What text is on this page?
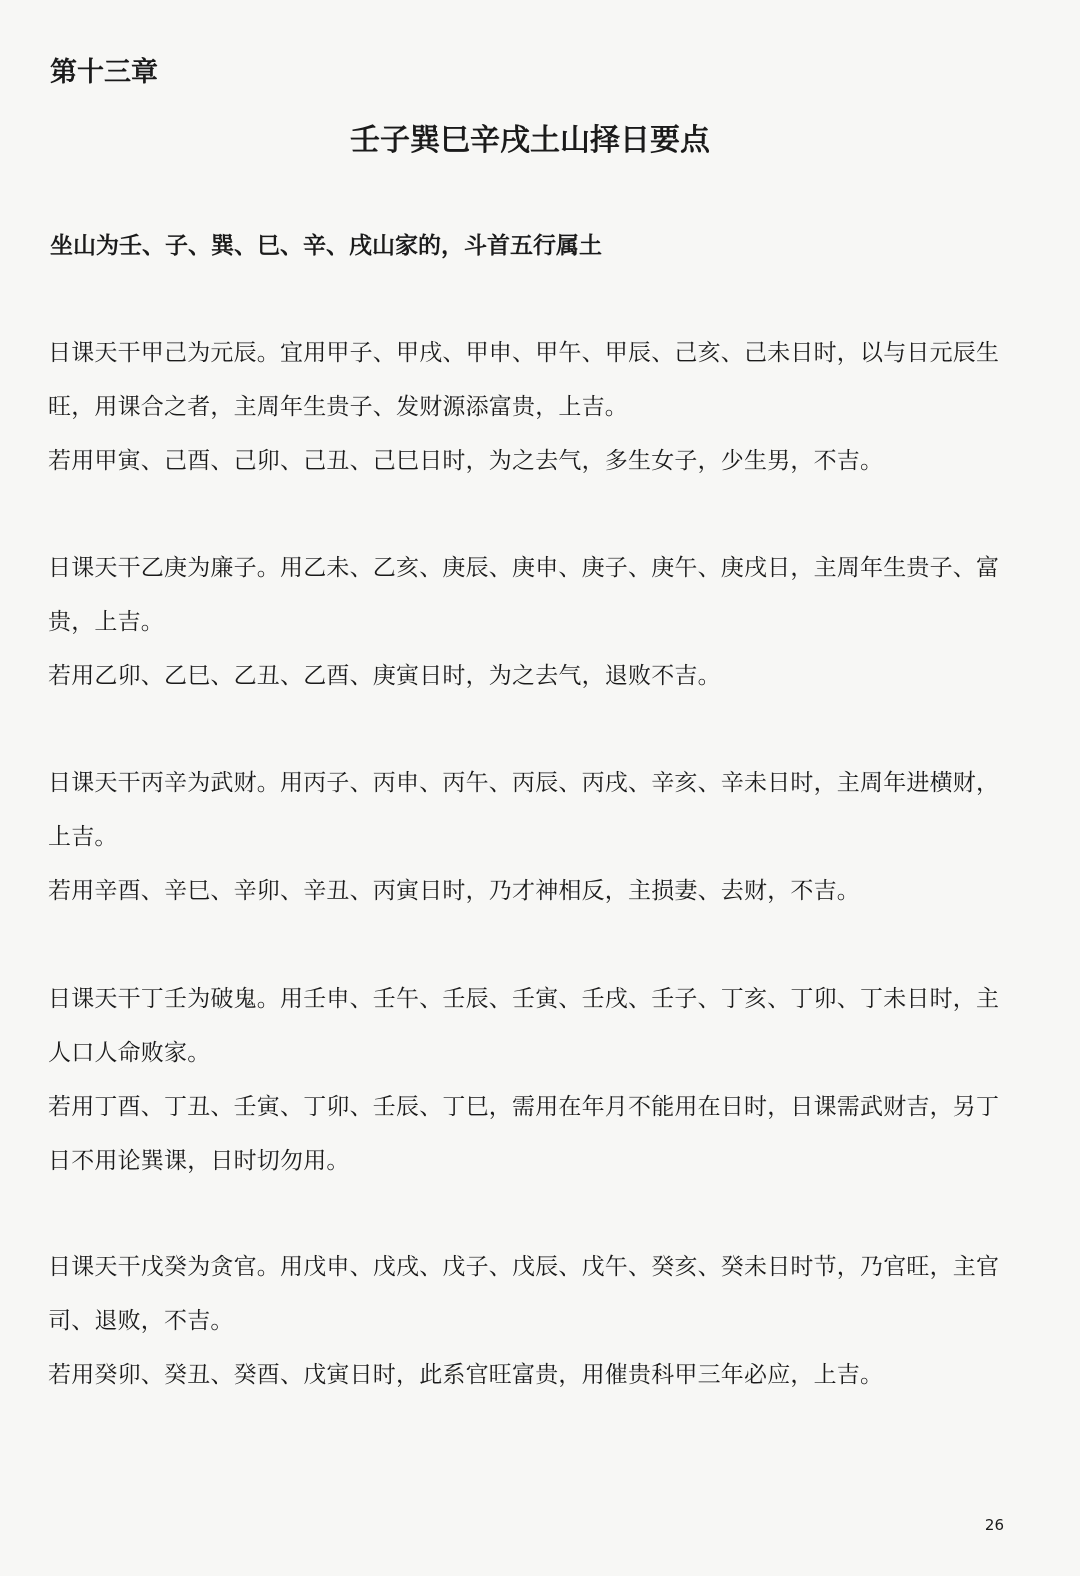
第十三章
壬子巽巳辛戌土山择日要点
坐山为壬、子、巽、巳、辛、戌山家的，斗首五行属土

日课天干甲己为元辰。宜用甲子、甲戌、甲申、甲午、甲辰、己亥、己未日时，以与日元辰生旺，用课合之者，主周年生贵子、发财源添富贵，上吉。

若用甲寅、己酉、己卯、己丑、己巳日时，为之去气，多生女子，少生男，不吉。

日课天干乙庚为廉子。用乙未、乙亥、庚辰、庚申、庚子、庚午、庚戌日，主周年生贵子、富贵，上吉。

若用乙卯、乙巳、乙丑、乙酉、庚寅日时，为之去气，退败不吉。

日课天干丙辛为武财。用丙子、丙申、丙午、丙辰、丙戌、辛亥、辛未日时，主周年进横财，上吉。

若用辛酉、辛巳、辛卯、辛丑、丙寅日时，乃才神相反，主损妻、去财，不吉。

日课天干丁壬为破鬼。用壬申、壬午、壬辰、壬寅、壬戌、壬子、丁亥、丁卯、丁未日时，主人口人命败家。

若用丁酉、丁丑、壬寅、丁卯、壬辰、丁巳，需用在年月不能用在日时，日课需武财吉，另丁日不用论巽课，日时切勿用。

日课天干戊癸为贪官。用戊申、戊戌、戊子、戊辰、戊午、癸亥、癸未日时节，乃官旺，主官司、退败，不吉。

若用癸卯、癸丑、癸酉、戊寅日时，此系官旺富贵，用催贵科甲三年必应，上吉。

26
